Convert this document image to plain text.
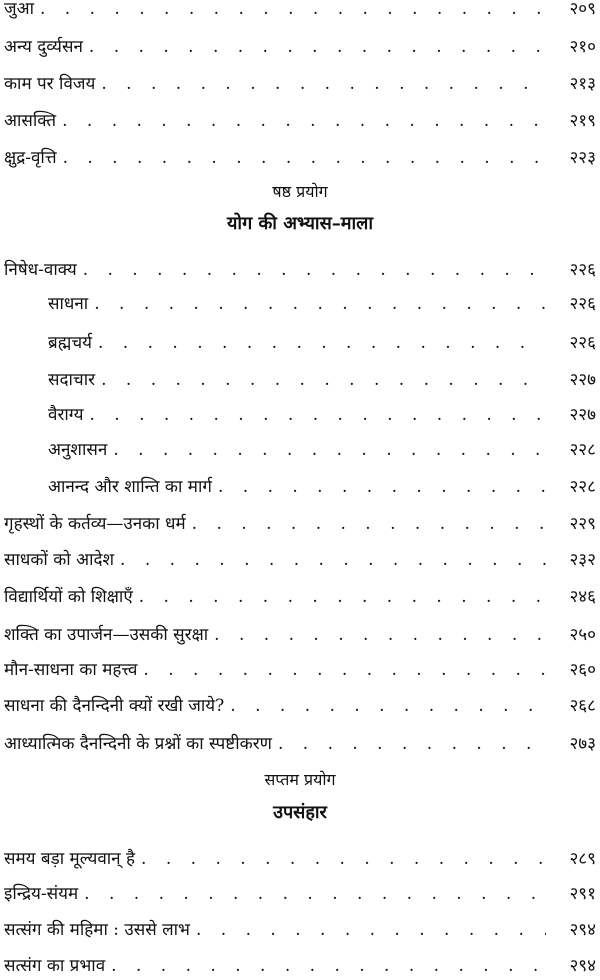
जुआ . . .	२०९
अन्य दुर्व्यसन . . .	२१०
काम पर विजय . . .	२१३
आसक्ति . . .	२१९
क्षुद्र-वृत्ति . . .	२२३
षष्ठ प्रयोग
योग की अभ्यास–माला
निषेध-वाक्य . . .	२२६
साधना . . .	२२६
ब्रह्मचर्य . . .	२२६
सदाचार . . .	२२७
वैराग्य . . .	२२७
अनुशासन . . .	२२८
आनन्द और शान्ति का मार्ग . . .	२२८
गृहस्थों के कर्तव्य—उनका धर्म . . .	२२९
साधकों को आदेश . . .	२३२
विद्यार्थियों को शिक्षाएँ . . .	२४६
शक्ति का उपार्जन—उसकी सुरक्षा . . .	२५०
मौन-साधना का महत्त्व . . .	२६०
साधना की दैनन्दिनी क्यों रखी जाये? . . .	२६८
आध्यात्मिक दैनन्दिनी के प्रश्नों का स्पष्टीकरण . . .	२७३
सप्तम प्रयोग
उपसंहार
समय बड़ा मूल्यवान् है . . .	२८९
इन्द्रिय-संयम . . .	२९१
सत्संग की महिमा : उससे लाभ . . .	२९४
सत्संग का प्रभाव . . .	२९४
